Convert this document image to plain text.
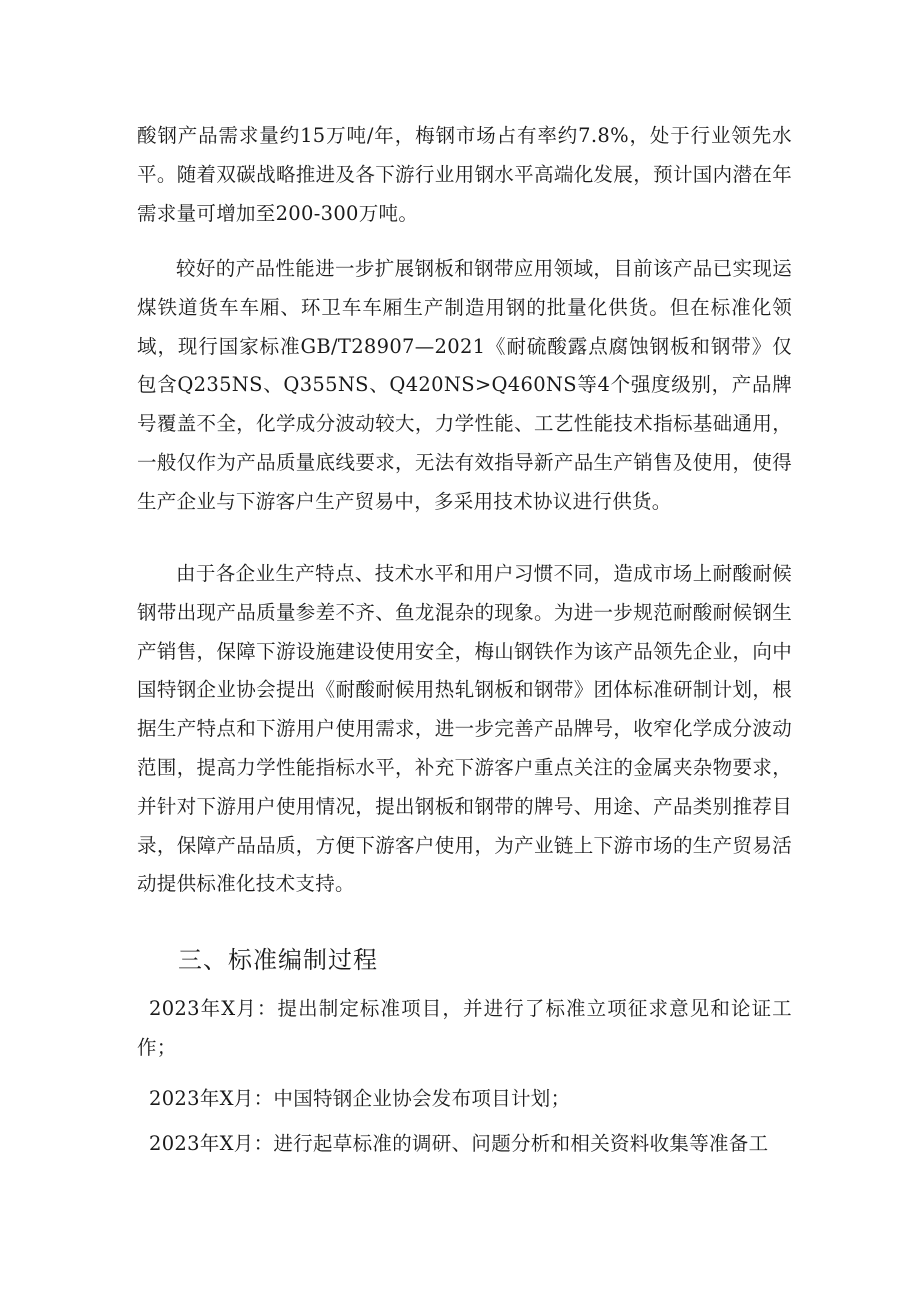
酸钢产品需求量约15万吨/年，梅钢市场占有率约7.8%，处于行业领先水平。随着双碳战略推进及各下游行业用钢水平高端化发展，预计国内潜在年需求量可增加至200-300万吨。

较好的产品性能进一步扩展钢板和钢带应用领域，目前该产品已实现运煤铁道货车车厢、环卫车车厢生产制造用钢的批量化供货。但在标准化领域，现行国家标准GB/T28907—2021《耐硫酸露点腐蚀钢板和钢带》仅包含Q235NS、Q355NS、Q420NS>Q460NS等4个强度级别，产品牌号覆盖不全，化学成分波动较大，力学性能、工艺性能技术指标基础通用，一般仅作为产品质量底线要求，无法有效指导新产品生产销售及使用，使得生产企业与下游客户生产贸易中，多采用技术协议进行供货。

由于各企业生产特点、技术水平和用户习惯不同，造成市场上耐酸耐候钢带出现产品质量参差不齐、鱼龙混杂的现象。为进一步规范耐酸耐候钢生产销售，保障下游设施建设使用安全，梅山钢铁作为该产品领先企业，向中国特钢企业协会提出《耐酸耐候用热轧钢板和钢带》团体标准研制计划，根据生产特点和下游用户使用需求，进一步完善产品牌号，收窄化学成分波动范围，提高力学性能指标水平，补充下游客户重点关注的金属夹杂物要求，并针对下游用户使用情况，提出钢板和钢带的牌号、用途、产品类别推荐目录，保障产品品质，方便下游客户使用，为产业链上下游市场的生产贸易活动提供标准化技术支持。

三、标准编制过程

2023年X月：提出制定标准项目，并进行了标准立项征求意见和论证工作；

2023年X月：中国特钢企业协会发布项目计划；

2023年X月：进行起草标准的调研、问题分析和相关资料收集等准备工
